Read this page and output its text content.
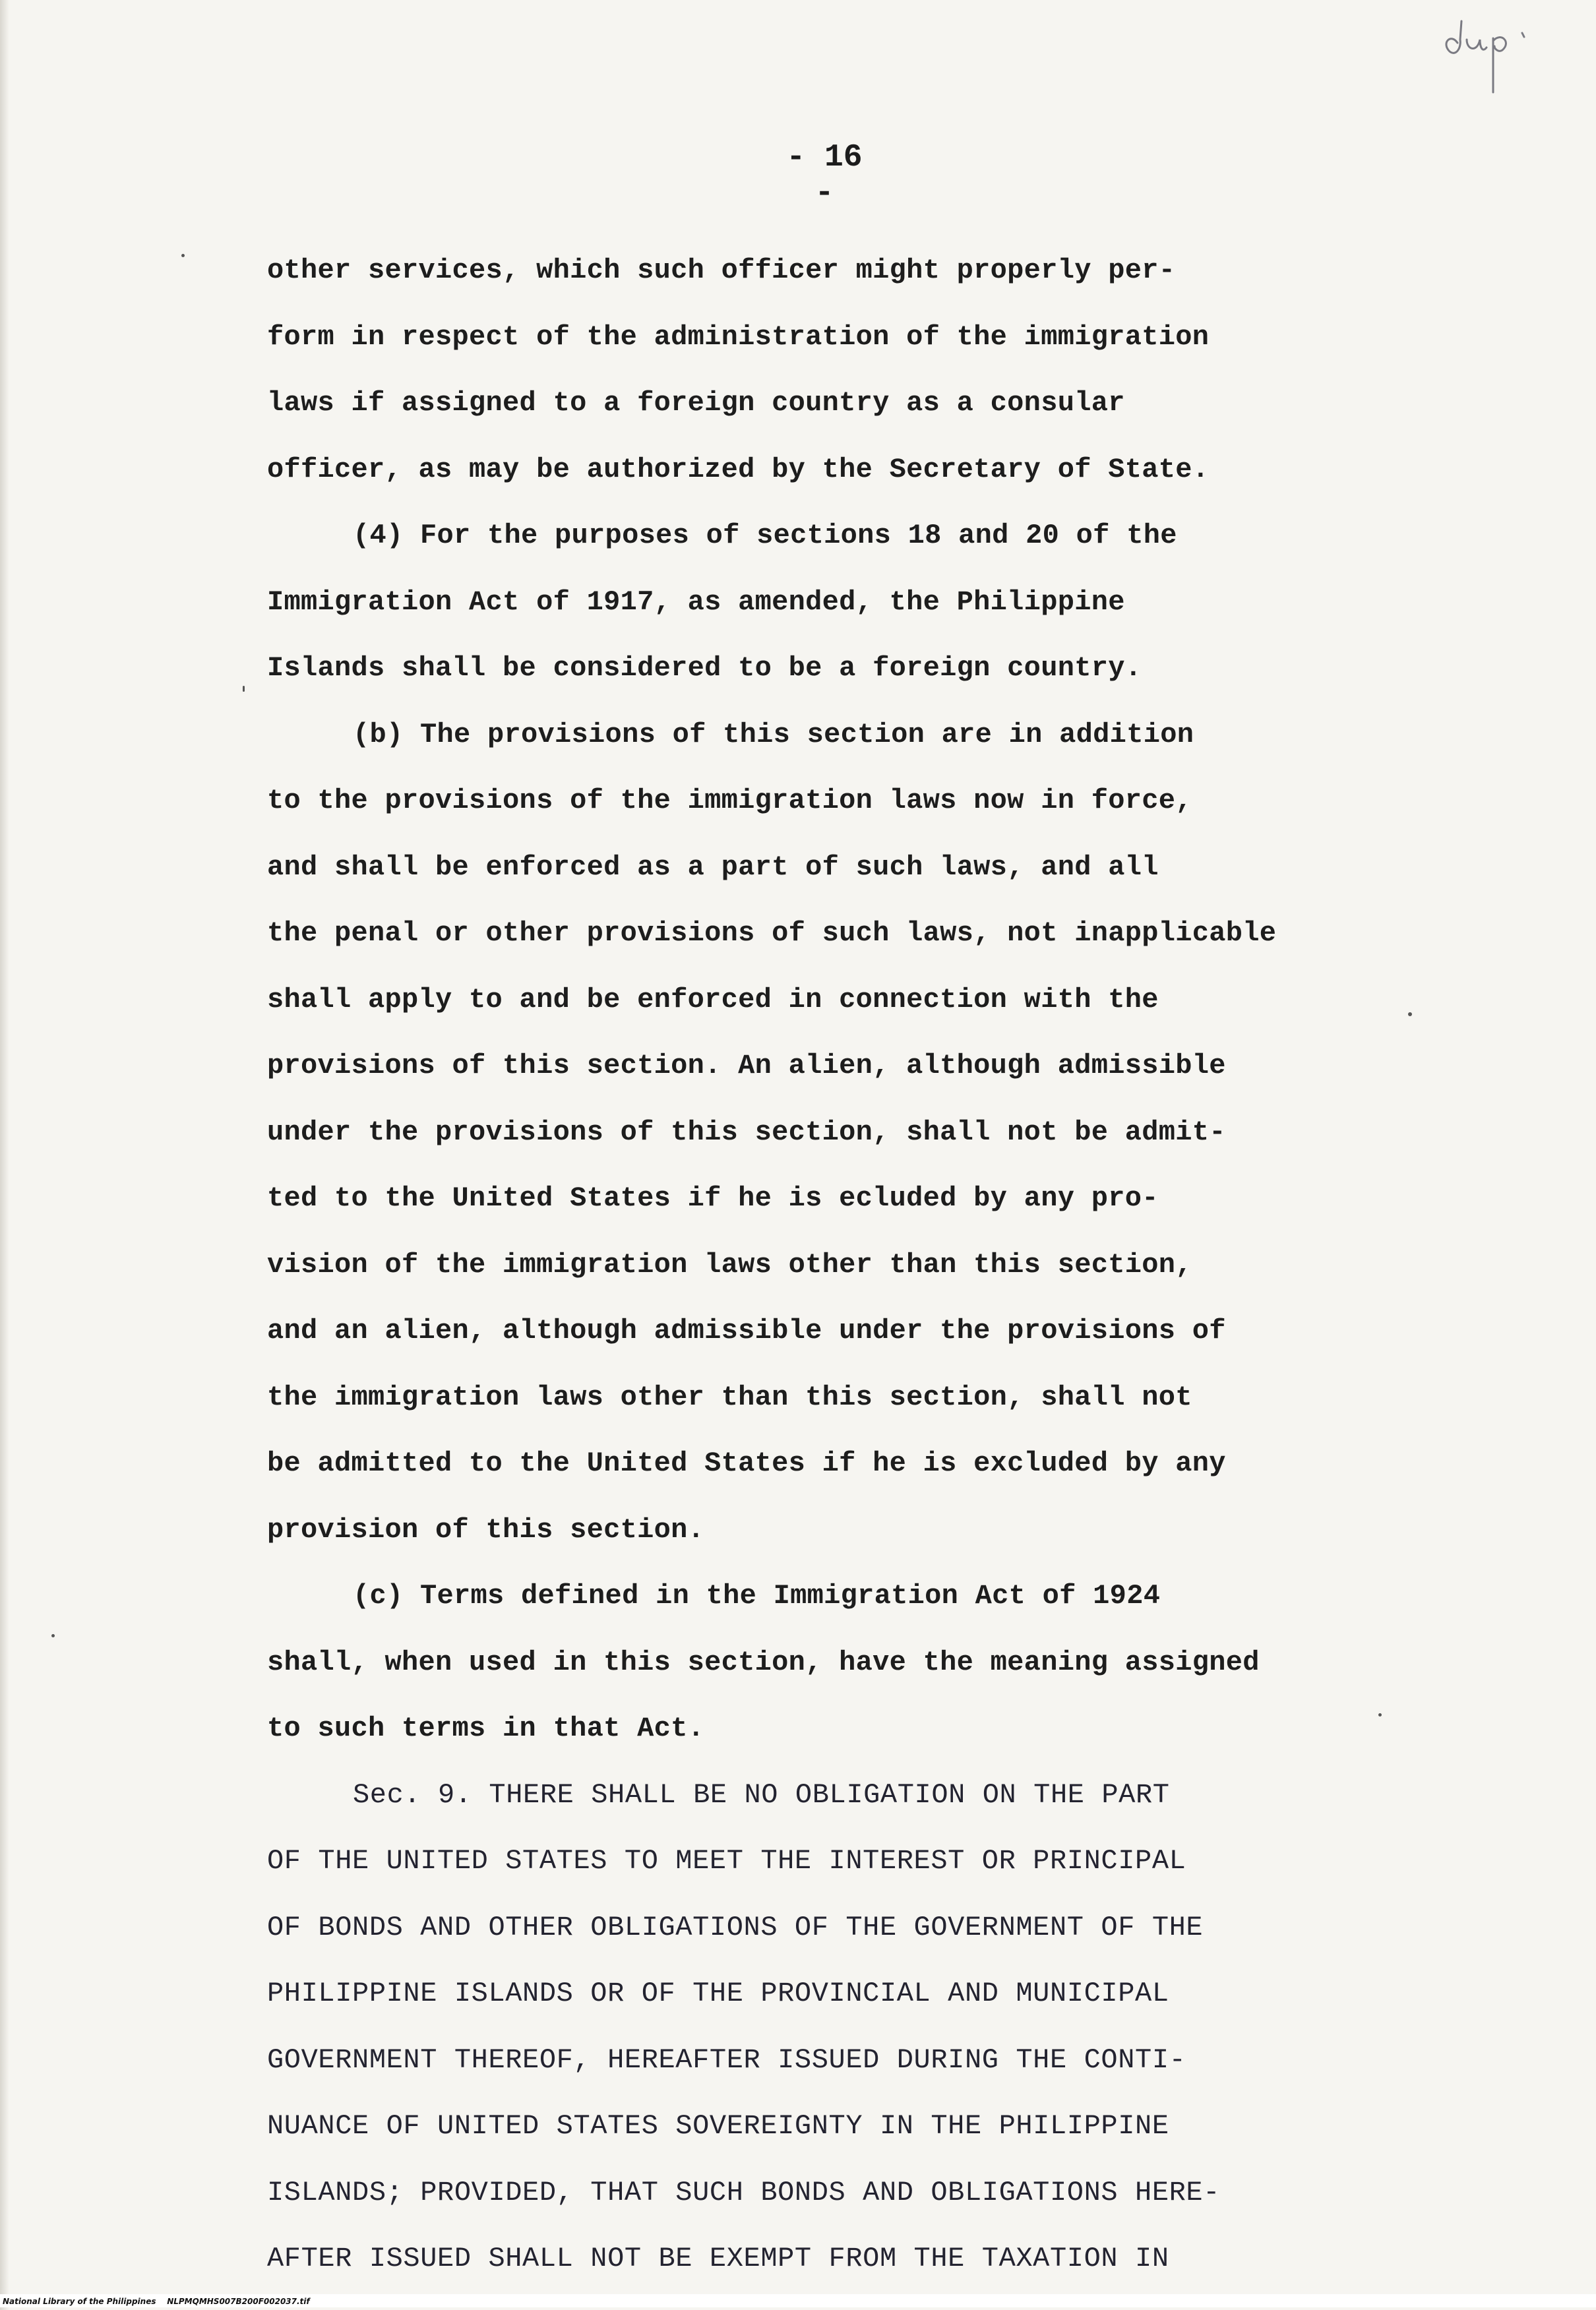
- 16 -
other services, which such officer might properly per-
form in respect of the administration of the immigration
laws if assigned to a foreign country as a consular
officer, as may be authorized by the Secretary of State.
(4) For the purposes of sections 18 and 20 of the
Immigration Act of 1917, as amended, the Philippine
Islands shall be considered to be a foreign country.
(b) The provisions of this section are in addition
to the provisions of the immigration laws now in force,
and shall be enforced as a part of such laws, and all
the penal or other provisions of such laws, not inapplicable
shall apply to and be enforced in connection with the
provisions of this section. An alien, although admissible
under the provisions of this section, shall not be admit-
ted to the United States if he is ecluded by any pro-
vision of the immigration laws other than this section,
and an alien, although admissible under the provisions of
the immigration laws other than this section, shall not
be admitted to the United States if he is excluded by any
provision of this section.
(c) Terms defined in the Immigration Act of 1924
shall, when used in this section, have the meaning assigned
to such terms in that Act.
Sec. 9. THERE SHALL BE NO OBLIGATION ON THE PART
OF THE UNITED STATES TO MEET THE INTEREST OR PRINCIPAL
OF BONDS AND OTHER OBLIGATIONS OF THE GOVERNMENT OF THE
PHILIPPINE ISLANDS OR OF THE PROVINCIAL AND MUNICIPAL
GOVERNMENT THEREOF, HEREAFTER ISSUED DURING THE CONTI-
NUANCE OF UNITED STATES SOVEREIGNTY IN THE PHILIPPINE
ISLANDS; PROVIDED, THAT SUCH BONDS AND OBLIGATIONS HERE-
AFTER ISSUED SHALL NOT BE EXEMPT FROM THE TAXATION IN
National Library of the Philippines    NLPMQMHS007B200F002037.tif
